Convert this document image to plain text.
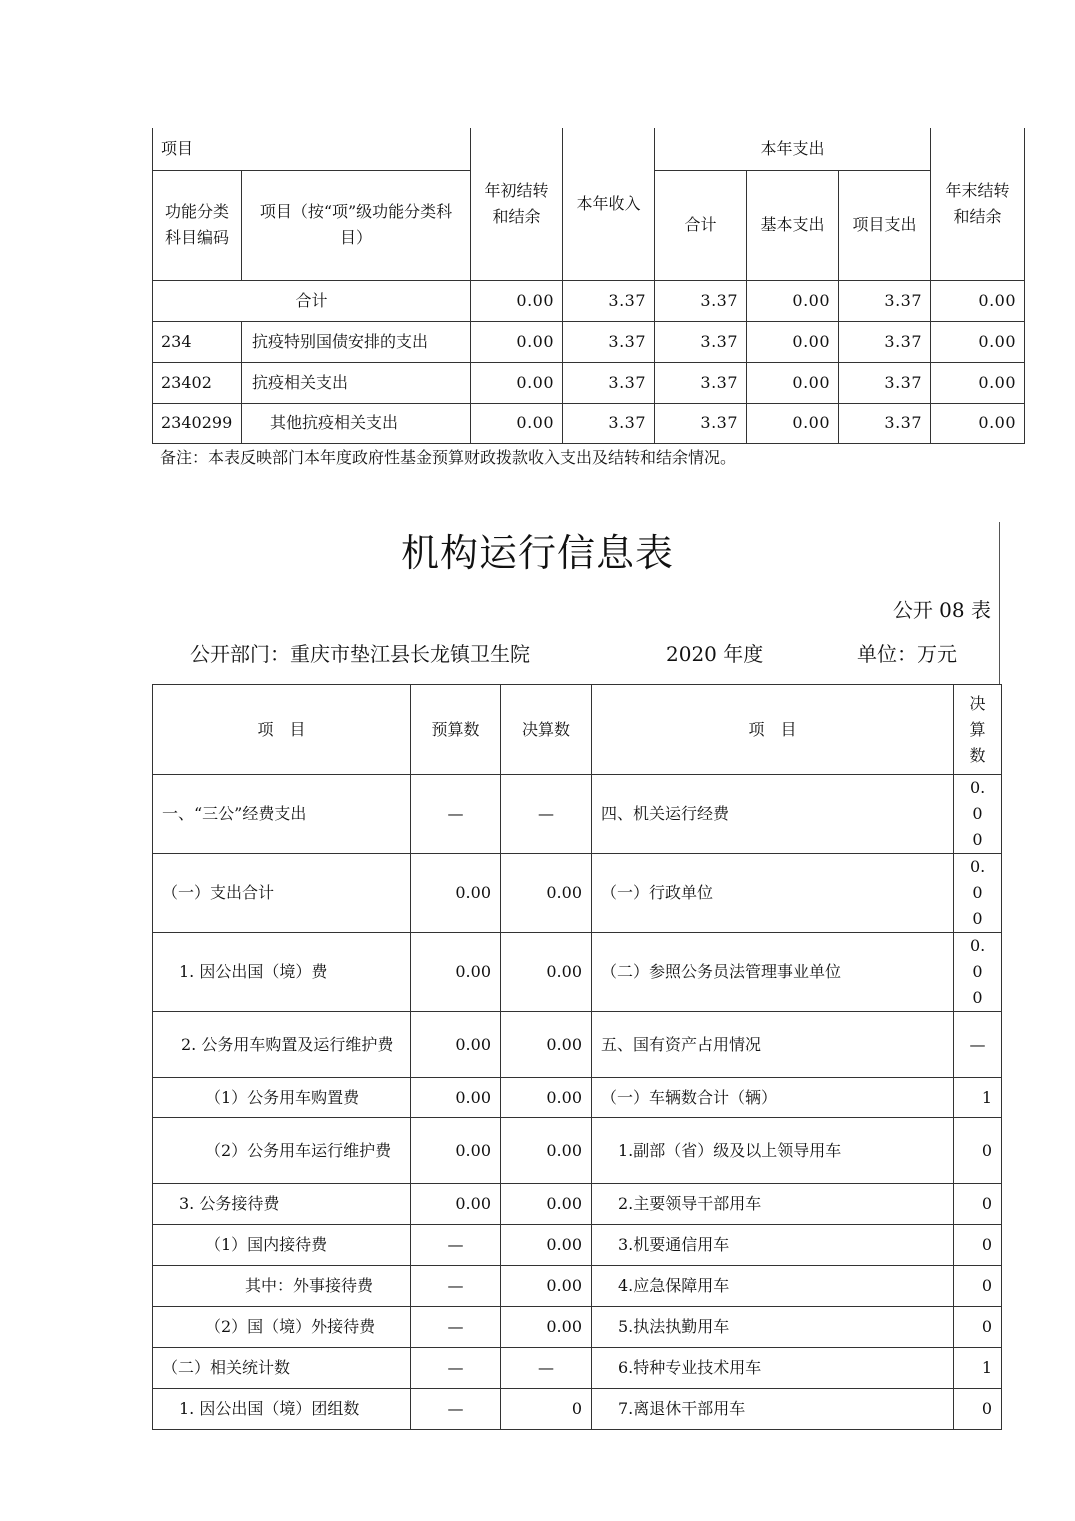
项目		年初结转和结余	本年收入	本年支出			年末结转和结余
功能分类科目编码	项目（按“项”级功能分类科目）			合计	基本支出	项目支出	
合计		0.00	3.37	3.37	0.00	3.37	0.00
234	抗疫特别国债安排的支出	0.00	3.37	3.37	0.00	3.37	0.00
23402	抗疫相关支出	0.00	3.37	3.37	0.00	3.37	0.00
2340299	其他抗疫相关支出	0.00	3.37	3.37	0.00	3.37	0.00
备注：本表反映部门本年度政府性基金预算财政拨款收入支出及结转和结余情况。
机构运行信息表
公开 08 表
公开部门：重庆市垫江县长龙镇卫生院	2020 年度	单位：万元
项　目	预算数	决算数	项　目	决算数
一、“三公”经费支出	—	—	四、机关运行经费	0.00
（一）支出合计	0.00	0.00	（一）行政单位	0.00
1. 因公出国（境）费	0.00	0.00	（二）参照公务员法管理事业单位	0.00
2. 公务用车购置及运行维护费	0.00	0.00	五、国有资产占用情况	—
（1）公务用车购置费	0.00	0.00	（一）车辆数合计（辆）	1
（2）公务用车运行维护费	0.00	0.00	1.副部（省）级及以上领导用车	0
3. 公务接待费	0.00	0.00	2.主要领导干部用车	0
（1）国内接待费	—	0.00	3.机要通信用车	0
其中：外事接待费	—	0.00	4.应急保障用车	0
（2）国（境）外接待费	—	0.00	5.执法执勤用车	0
（二）相关统计数	—	—	6.特种专业技术用车	1
1. 因公出国（境）团组数	—	0	7.离退休干部用车	0
